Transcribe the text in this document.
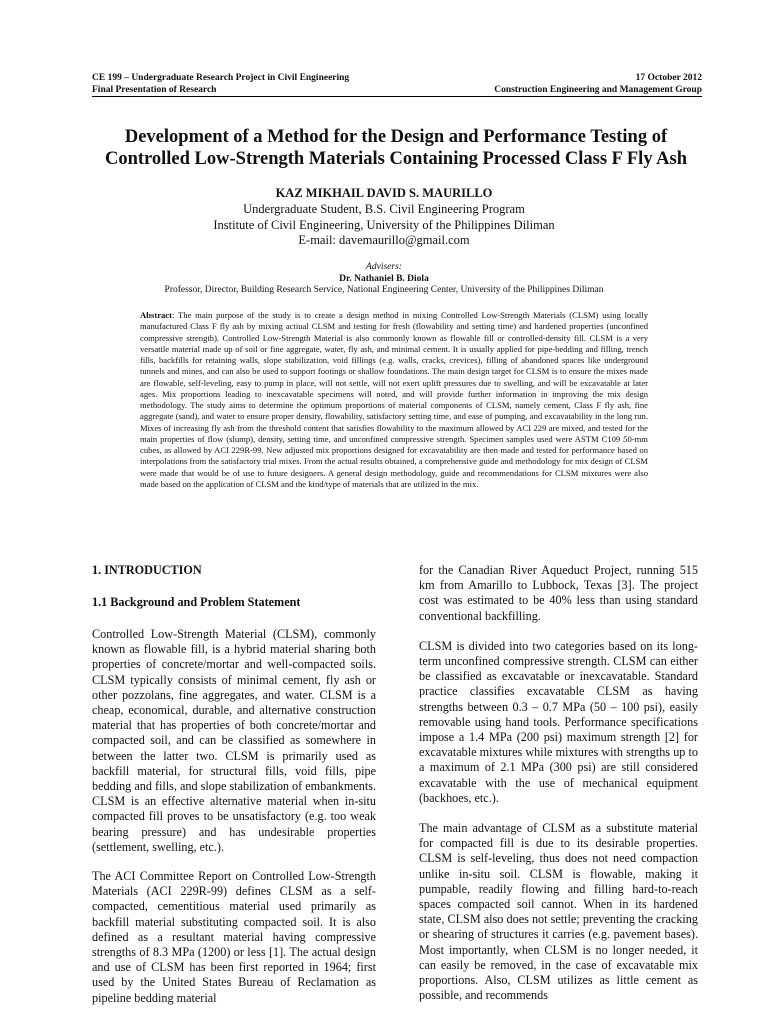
CE 199 – Undergraduate Research Project in Civil Engineering	17 October 2012
Final Presentation of Research	Construction Engineering and Management Group
Development of a Method for the Design and Performance Testing of
Controlled Low-Strength Materials Containing Processed Class F Fly Ash
KAZ MIKHAIL DAVID S. MAURILLO
Undergraduate Student, B.S. Civil Engineering Program
Institute of Civil Engineering, University of the Philippines Diliman
E-mail: davemaurillo@gmail.com
Advisers:
Dr. Nathaniel B. Diola
Professor, Director, Building Research Service, National Engineering Center, University of the Philippines Diliman
Abstract: The main purpose of the study is to create a design method in mixing Controlled Low-Strength Materials (CLSM) using locally manufactured Class F fly ash by mixing actiual CLSM and testing for fresh (flowability and setting time) and hardened properties (unconfined compressive strength). Controlled Low-Strength Material is also commonly known as flowable fill or controlled-density fill. CLSM is a very versatile material made up of soil or fine aggregate, water, fly ash, and minimal cement. It is usually applied for pipe-bedding and filling, trench fills, backfills for retaining walls, slope stabilization, void fillings (e.g. walls, cracks, crevices), filling of abandoned spaces like underground tunnels and mines, and can also be used to support footings or shallow foundations. The main design target for CLSM is to ensure the mixes made are flowable, self-leveling, easy to pump in place, will not settle, will not exert uplift pressures due to swelling, and will be excavatable at later ages. Mix proportions leading to inexcavatable specimens will noted, and will provide further information in improving the mix design methodology. The study aims to determine the optimum proportions of material components of CLSM, namely cement, Class F fly ash, fine aggregate (sand), and water to ensure proper density, flowability, satisfactory setting time, and ease of pumping, and excavatability in the long run. Mixes of increasing fly ash from the threshold content that satisfies flowability to the maximum allowed by ACI 229 are mixed, and tested for the main properties of flow (slump), density, setting time, and unconfined compressive strength. Specimen samples used were ASTM C109 50-mm cubes, as allowed by ACI 229R-99. New adjusted mix proportions designed for excavatability are then made and tested for performance based on interpolations from the satisfactory trial mixes. From the actual results obtained, a comprehensive guide and methodology for mix design of CLSM were made that would be of use to future designers. A general design methodology, guide and recommendations for CLSM mixtures were also made based on the application of CLSM and the kind/type of materials that are utilized in the mix.
1. INTRODUCTION
1.1 Background and Problem Statement

Controlled Low-Strength Material (CLSM), commonly known as flowable fill, is a hybrid material sharing both properties of concrete/mortar and well-compacted soils. CLSM typically consists of minimal cement, fly ash or other pozzolans, fine aggregates, and water. CLSM is a cheap, economical, durable, and alternative construction material that has properties of both concrete/mortar and compacted soil, and can be classified as somewhere in between the latter two. CLSM is primarily used as backfill material, for structural fills, void fills, pipe bedding and fills, and slope stabilization of embankments. CLSM is an effective alternative material when in-situ compacted fill proves to be unsatisfactory (e.g. too weak bearing pressure) and has undesirable properties (settlement, swelling, etc.).

The ACI Committee Report on Controlled Low-Strength Materials (ACI 229R-99) defines CLSM as a self-compacted, cementitious material used primarily as backfill material substituting compacted soil. It is also defined as a resultant material having compressive strengths of 8.3 MPa (1200) or less [1]. The actual design and use of CLSM has been first reported in 1964; first used by the United States Bureau of Reclamation as pipeline bedding material

for the Canadian River Aqueduct Project, running 515 km from Amarillo to Lubbock, Texas [3]. The project cost was estimated to be 40% less than using standard conventional backfilling.

CLSM is divided into two categories based on its long-term unconfined compressive strength. CLSM can either be classified as excavatable or inexcavatable. Standard practice classifies excavatable CLSM as having strengths between 0.3 – 0.7 MPa (50 – 100 psi), easily removable using hand tools. Performance specifications impose a 1.4 MPa (200 psi) maximum strength [2] for excavatable mixtures while mixtures with strengths up to a maximum of 2.1 MPa (300 psi) are still considered excavatable with the use of mechanical equipment (backhoes, etc.).

The main advantage of CLSM as a substitute material for compacted fill is due to its desirable properties. CLSM is self-leveling, thus does not need compaction unlike in-situ soil. CLSM is flowable, making it pumpable, readily flowing and filling hard-to-reach spaces compacted soil cannot. When in its hardened state, CLSM also does not settle; preventing the cracking or shearing of structures it carries (e.g. pavement bases). Most importantly, when CLSM is no longer needed, it can easily be removed, in the case of excavatable mix proportions. Also, CLSM utilizes as little cement as possible, and recommends
